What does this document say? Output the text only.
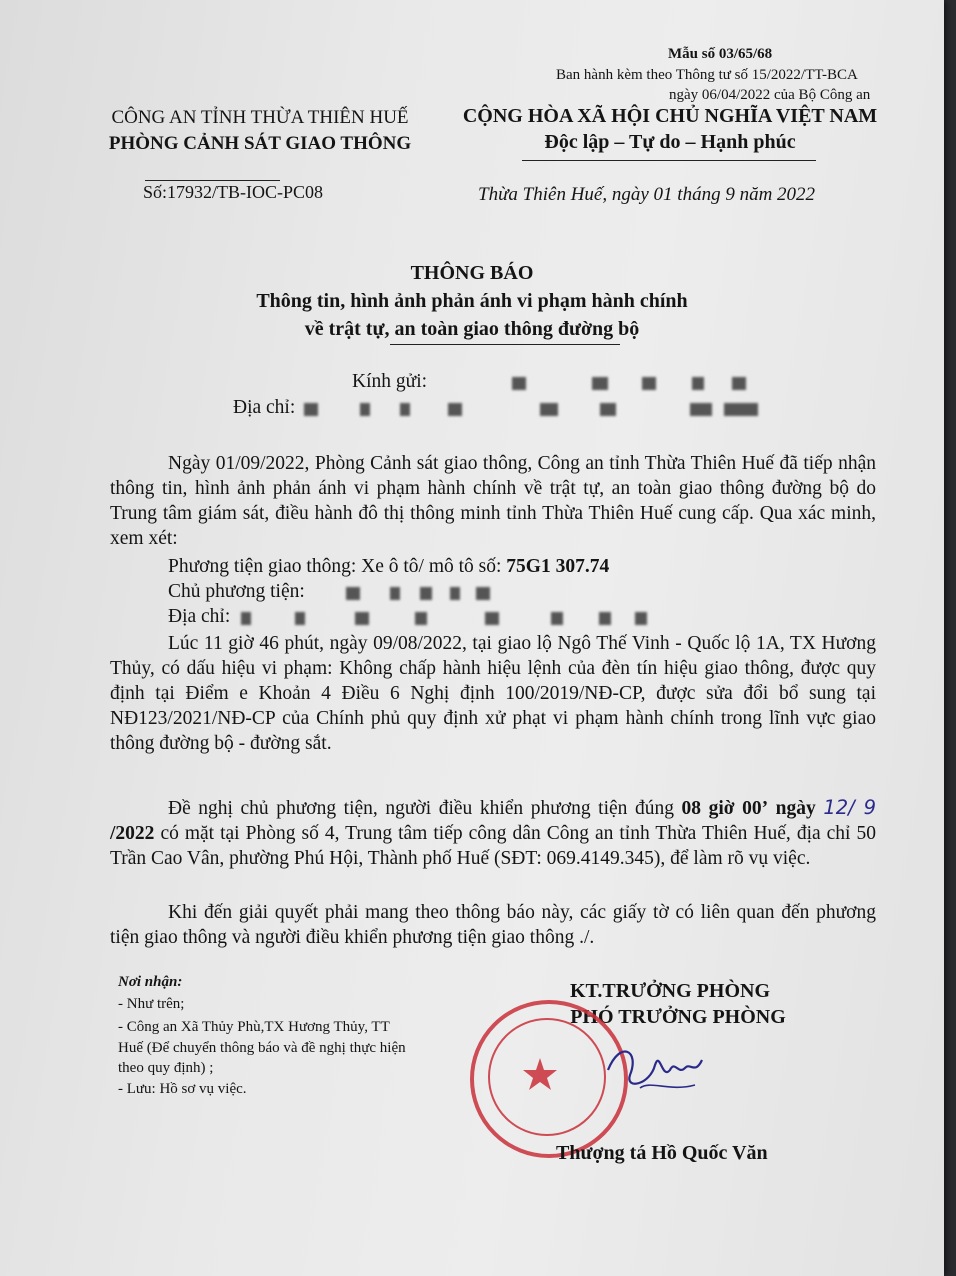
Mẫu số 03/65/68
Ban hành kèm theo Thông tư số 15/2022/TT-BCA
ngày 06/04/2022 của Bộ Công an
CÔNG AN TỈNH THỪA THIÊN HUẾ
PHÒNG CẢNH SÁT GIAO THÔNG
Số:17932/TB-IOC-PC08
CỘNG HÒA XÃ HỘI CHỦ NGHĨA VIỆT NAM
Độc lập – Tự do – Hạnh phúc
Thừa Thiên Huế, ngày 01 tháng 9 năm 2022
THÔNG BÁO
Thông tin, hình ảnh phản ánh vi phạm hành chính
về trật tự, an toàn giao thông đường bộ
Kính gửi:
Địa chỉ:
Ngày 01/09/2022, Phòng Cảnh sát giao thông, Công an tỉnh Thừa Thiên Huế đã tiếp nhận thông tin, hình ảnh phản ánh vi phạm hành chính về trật tự, an toàn giao thông đường bộ do Trung tâm giám sát, điều hành đô thị thông minh tỉnh Thừa Thiên Huế cung cấp. Qua xác minh, xem xét:
Phương tiện giao thông: Xe ô tô/ mô tô số: 75G1 307.74
Chủ phương tiện:
Địa chỉ:
Lúc 11 giờ 46 phút, ngày 09/08/2022, tại giao lộ Ngô Thế Vinh - Quốc lộ 1A, TX Hương Thủy, có dấu hiệu vi phạm: Không chấp hành hiệu lệnh của đèn tín hiệu giao thông, được quy định tại Điểm e Khoản 4 Điều 6 Nghị định 100/2019/NĐ-CP, được sửa đổi bổ sung tại NĐ123/2021/NĐ-CP của Chính phủ quy định xử phạt vi phạm hành chính trong lĩnh vực giao thông đường bộ - đường sắt.
Đề nghị chủ phương tiện, người điều khiển phương tiện đúng 08 giờ 00’ ngày 12/ 9 /2022 có mặt tại Phòng số 4, Trung tâm tiếp công dân Công an tỉnh Thừa Thiên Huế, địa chỉ 50 Trần Cao Vân, phường Phú Hội, Thành phố Huế (SĐT: 069.4149.345), để làm rõ vụ việc.
Khi đến giải quyết phải mang theo thông báo này, các giấy tờ có liên quan đến phương tiện giao thông và người điều khiển phương tiện giao thông ./.
Nơi nhận:
- Như trên;
- Công an Xã Thủy Phù,TX Hương Thủy, TT
Huế (Để chuyển thông báo và đề nghị thực hiện
theo quy định) ;
- Lưu: Hồ sơ vụ việc.
KT.TRƯỞNG PHÒNG
PHÓ TRƯỞNG PHÒNG
Thượng tá Hồ Quốc Văn
